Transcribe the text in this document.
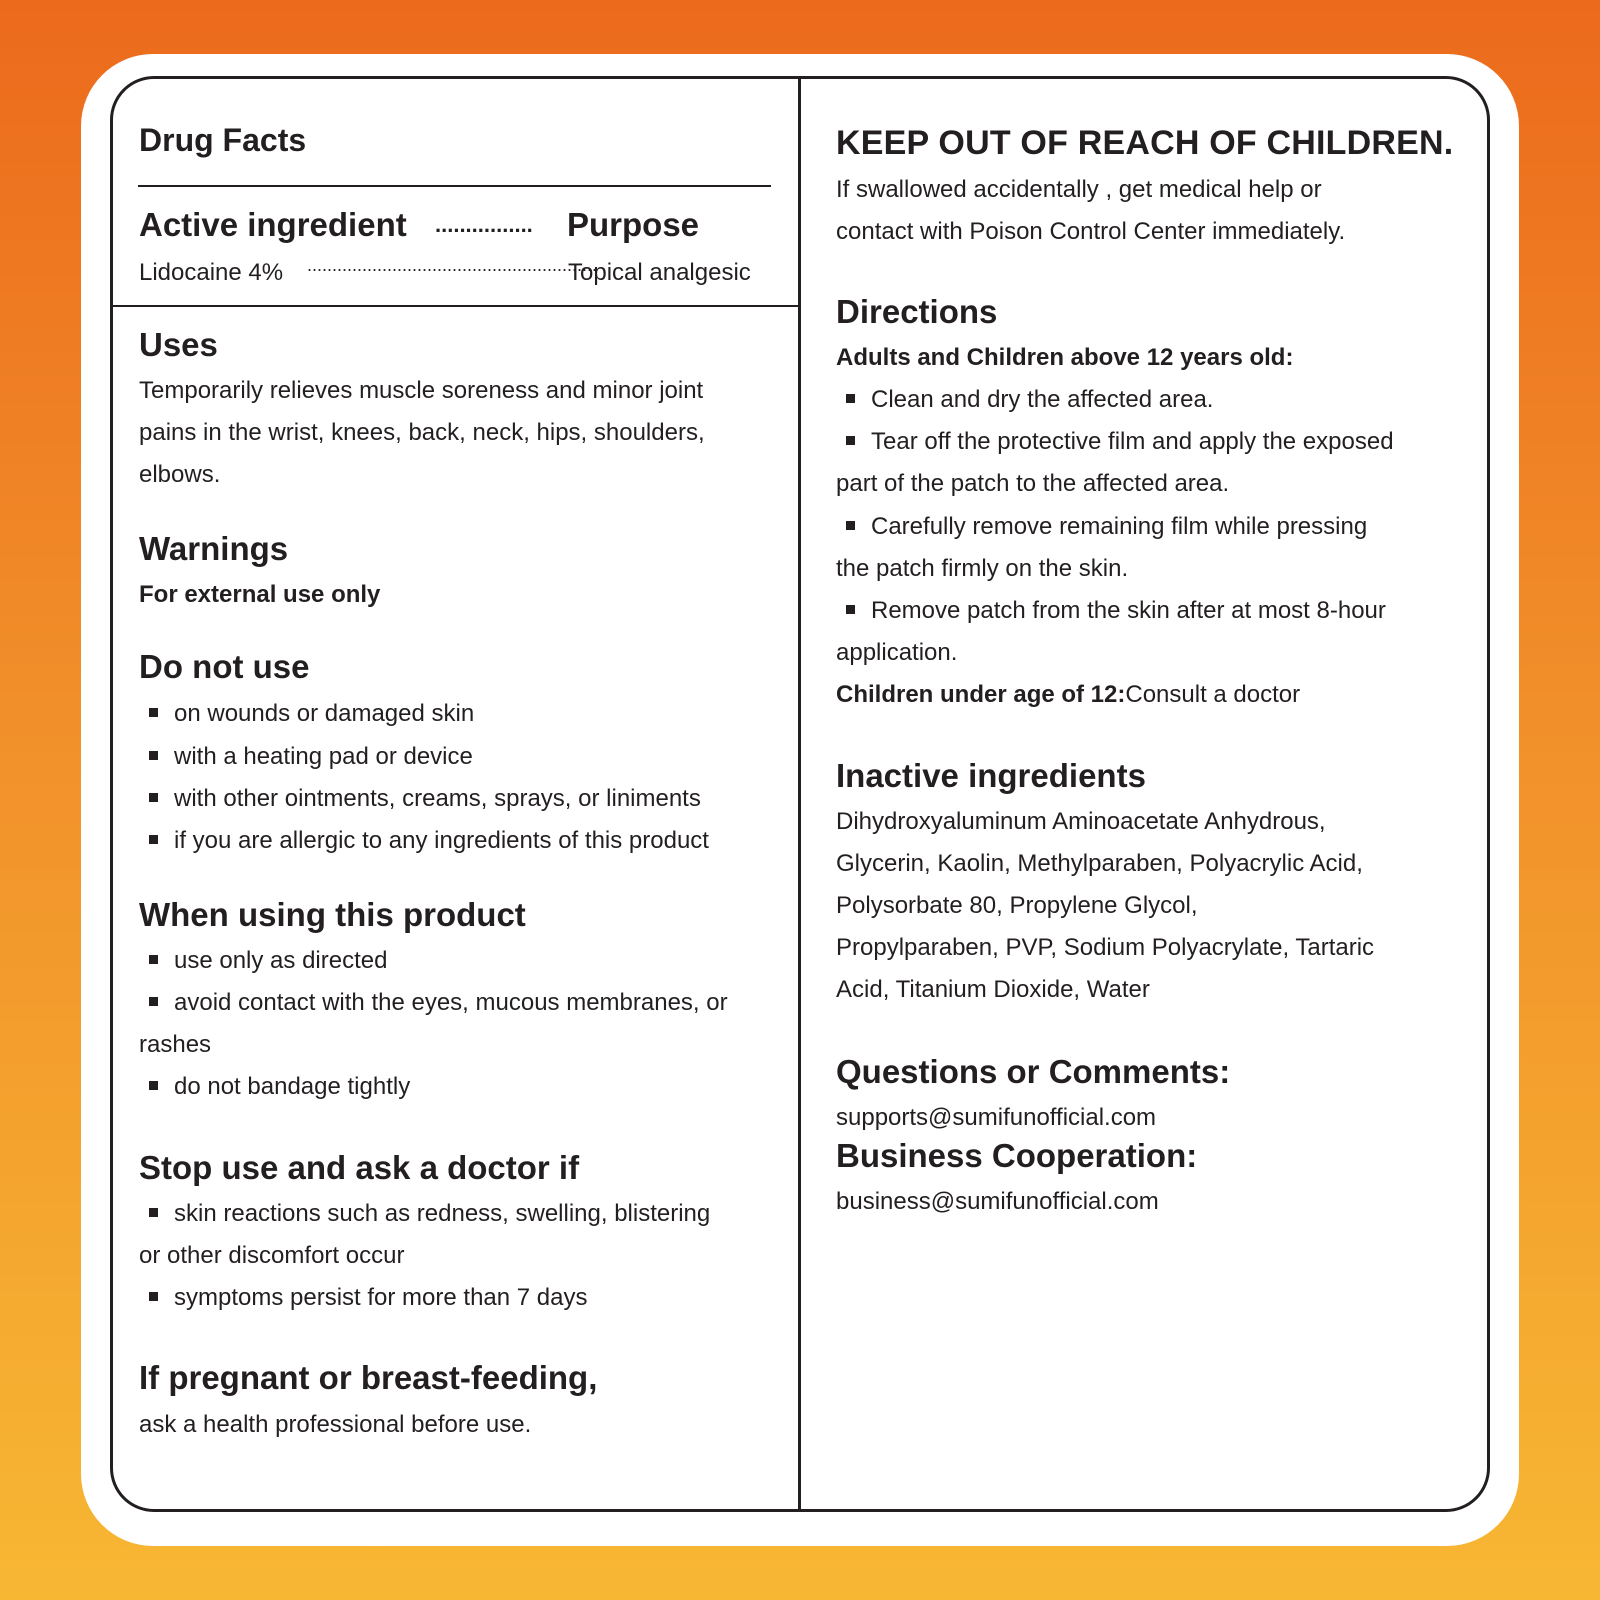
Drug Facts
Active ingredient ................ Purpose
Lidocaine 4% ..........................................................
Topical analgesic
Uses
Temporarily relieves muscle soreness and minor joint
pains in the wrist, knees, back, neck, hips, shoulders,
elbows.
Warnings
For external use only
Do not use
on wounds or damaged skin
with a heating pad or device
with other ointments, creams, sprays, or liniments
if you are allergic to any ingredients of this product
When using this product
use only as directed
avoid contact with the eyes, mucous membranes, or
rashes
do not bandage tightly
Stop use and ask a doctor if
skin reactions such as redness, swelling, blistering
or other discomfort occur
symptoms persist for more than 7 days
If pregnant or breast-feeding,
ask a health professional before use.
KEEP OUT OF REACH OF CHILDREN.
If swallowed accidentally , get medical help or
contact with Poison Control Center immediately.
Directions
Adults and Children above 12 years old:
Clean and dry the affected area.
Tear off the protective film and apply the exposed
part of the patch to the affected area.
Carefully remove remaining film while pressing
the patch firmly on the skin.
Remove patch from the skin after at most 8-hour
application.
Children under age of 12:Consult a doctor
Inactive ingredients
Dihydroxyaluminum Aminoacetate Anhydrous,
Glycerin, Kaolin, Methylparaben, Polyacrylic Acid,
Polysorbate 80, Propylene Glycol,
Propylparaben, PVP, Sodium Polyacrylate, Tartaric
Acid, Titanium Dioxide, Water
Questions or Comments:
supports@sumifunofficial.com
Business Cooperation:
business@sumifunofficial.com
